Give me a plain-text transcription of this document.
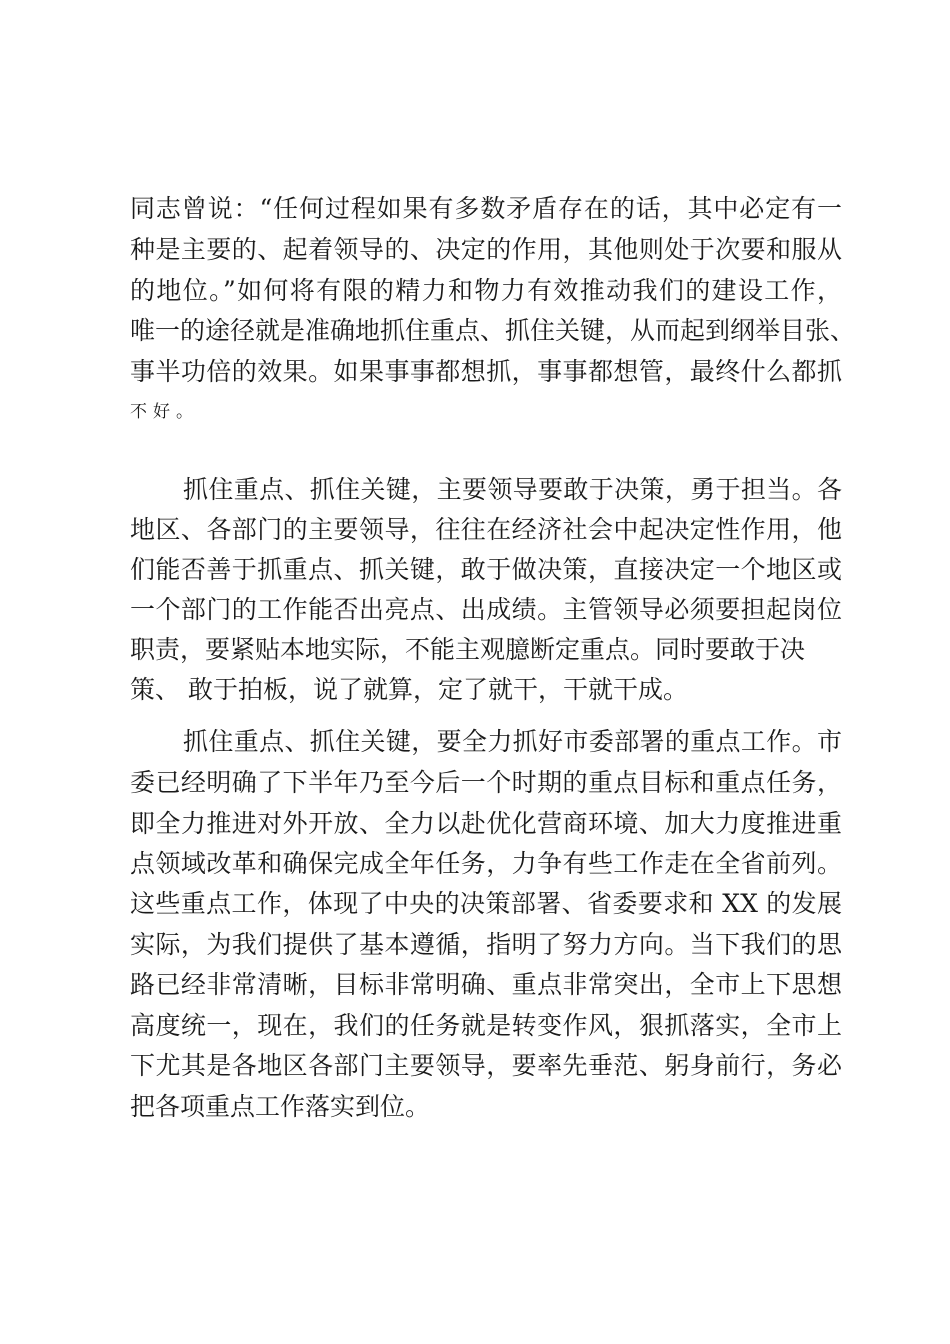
同志曾说：“任何过程如果有多数矛盾存在的话，其中必定有一
种是主要的、起着领导的、决定的作用，其他则处于次要和服从
的地位。”如何将有限的精力和物力有效推动我们的建设工作，
唯一的途径就是准确地抓住重点、抓住关键，从而起到纲举目张、
事半功倍的效果。如果事事都想抓，事事都想管，最终什么都抓
不好。
抓住重点、抓住关键，主要领导要敢于决策，勇于担当。各
地区、各部门的主要领导，往往在经济社会中起决定性作用，他
们能否善于抓重点、抓关键，敢于做决策，直接决定一个地区或
一个部门的工作能否出亮点、出成绩。主管领导必须要担起岗位
职责，要紧贴本地实际，不能主观臆断定重点。同时要敢于决
策、 敢于拍板，说了就算，定了就干，干就干成。
抓住重点、抓住关键，要全力抓好市委部署的重点工作。市
委已经明确了下半年乃至今后一个时期的重点目标和重点任务，
即全力推进对外开放、全力以赴优化营商环境、加大力度推进重
点领域改革和确保完成全年任务，力争有些工作走在全省前列。
这些重点工作，体现了中央的决策部署、省委要求和 XX 的发展
实际，为我们提供了基本遵循，指明了努力方向。当下我们的思
路已经非常清晰，目标非常明确、重点非常突出，全市上下思想
高度统一，现在，我们的任务就是转变作风，狠抓落实，全市上
下尤其是各地区各部门主要领导，要率先垂范、躬身前行，务必
把各项重点工作落实到位。
